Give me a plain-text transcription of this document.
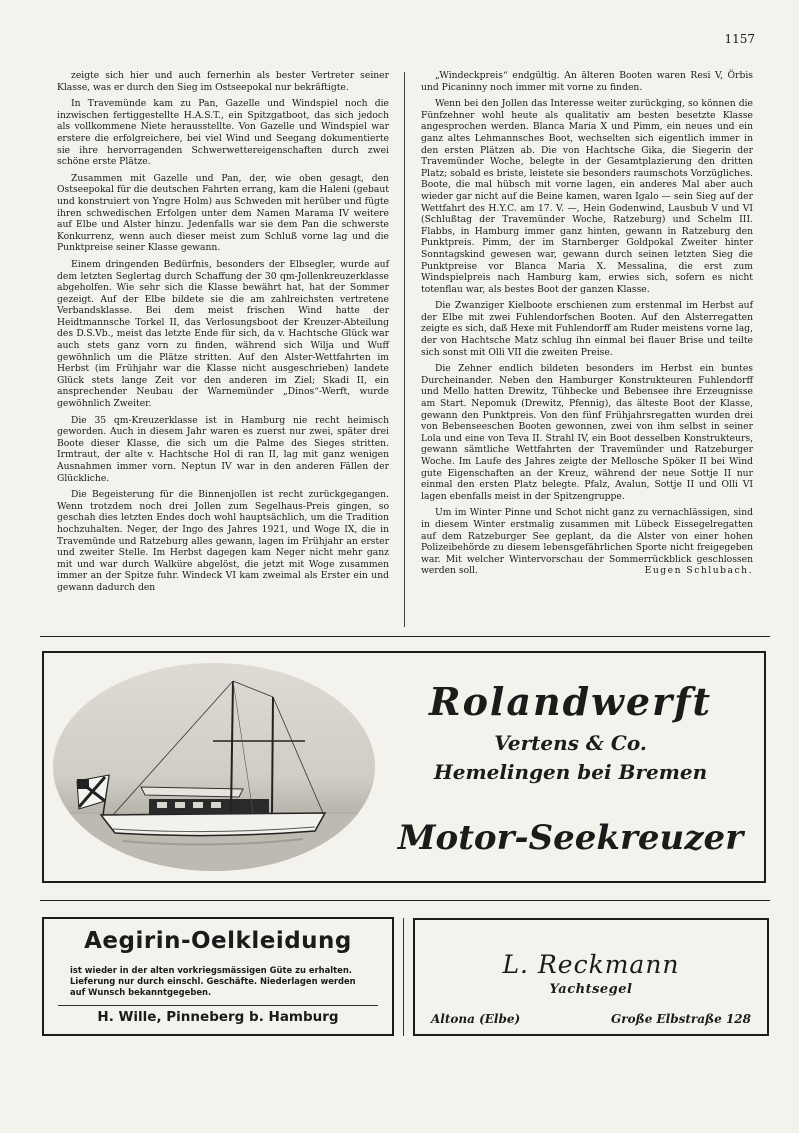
1157

zeigte sich hier und auch fernerhin als bester Vertreter seiner Klasse, was er durch den Sieg im Ostseepokal nur bekräftigte.

In Travemünde kam zu Pan, Gazelle und Windspiel noch die inzwischen fertiggestellte H.A.S.T., ein Spitzgatboot, das sich jedoch als vollkommene Niete herausstellte. Von Gazelle und Windspiel war erstere die erfolgreichere, bei viel Wind und Seegang dokumentierte sie ihre hervorragenden Schwerwettereigenschaften durch zwei schöne erste Plätze.

Zusammen mit Gazelle und Pan, der, wie oben gesagt, den Ostseepokal für die deutschen Fahrten errang, kam die Haleni (gebaut und konstruiert von Yngre Holm) aus Schweden mit herüber und fügte ihren schwedischen Erfolgen unter dem Namen Marama IV weitere auf Elbe und Alster hinzu. Jedenfalls war sie dem Pan die schwerste Konkurrenz, wenn auch dieser meist zum Schluß vorne lag und die Punktpreise seiner Klasse gewann.

Einem dringenden Bedürfnis, besonders der Elbsegler, wurde auf dem letzten Seglertag durch Schaffung der 30 qm-Jollenkreuzerklasse abgeholfen. Wie sehr sich die Klasse bewährt hat, hat der Sommer gezeigt. Auf der Elbe bildete sie die am zahlreichsten vertretene Verbandsklasse. Bei dem meist frischen Wind hatte der Heidtmannsche Torkel II, das Verlosungsboot der Kreuzer-Abteilung des D.S.Vb., meist das letzte Ende für sich, da v. Hachtsche Glück war auch stets ganz vorn zu finden, während sich Wilja und Wuff gewöhnlich um die Plätze stritten. Auf den Alster-Wettfahrten im Herbst (im Frühjahr war die Klasse nicht ausgeschrieben) landete Glück stets lange Zeit vor den anderen im Ziel; Skadi II, ein ansprechender Neubau der Warnemünder „Dinos“-Werft, wurde gewöhnlich Zweiter.

Die 35 qm-Kreuzerklasse ist in Hamburg nie recht heimisch geworden. Auch in diesem Jahr waren es zuerst nur zwei, später drei Boote dieser Klasse, die sich um die Palme des Sieges stritten. Irmtraut, der alte v. Hachtsche Hol di ran II, lag mit ganz wenigen Ausnahmen immer vorn. Neptun IV war in den anderen Fällen der Glückliche.

Die Begeisterung für die Binnenjollen ist recht zurückgegangen. Wenn trotzdem noch drei Jollen zum Segelhaus-Preis gingen, so geschah dies letzten Endes doch wohl hauptsächlich, um die Tradition hochzuhalten. Neger, der Ingo des Jahres 1921, und Woge IX, die in Travemünde und Ratzeburg alles gewann, lagen im Frühjahr an erster und zweiter Stelle. Im Herbst dagegen kam Neger nicht mehr ganz mit und war durch Walküre abgelöst, die jetzt mit Woge zusammen immer an der Spitze fuhr. Windeck VI kam zweimal als Erster ein und gewann dadurch den

„Windeckpreis“ endgültig. An älteren Booten waren Resi V, Örbis und Picaninny noch immer mit vorne zu finden.

Wenn bei den Jollen das Interesse weiter zurückging, so können die Fünfzehner wohl heute als qualitativ am besten besetzte Klasse angesprochen werden. Blanca Maria X und Pimm, ein neues und ein ganz altes Lehmannsches Boot, wechselten sich eigentlich immer in den ersten Plätzen ab. Die von Hachtsche Gika, die Siegerin der Travemünder Woche, belegte in der Gesamtplazierung den dritten Platz; sobald es briste, leistete sie besonders raumschots Vorzügliches. Boote, die mal hübsch mit vorne lagen, ein anderes Mal aber auch wieder gar nicht auf die Beine kamen, waren Igalo — sein Sieg auf der Wettfahrt des H.Y.C. am 17. V. —, Hein Godenwind, Lausbub V und VI (Schlußtag der Travemünder Woche, Ratzeburg) und Schelm III. Flabbs, in Hamburg immer ganz hinten, gewann in Ratzeburg den Punktpreis. Pimm, der im Starnberger Goldpokal Zweiter hinter Sonntagskind gewesen war, gewann durch seinen letzten Sieg die Punktpreise vor Blanca Maria X. Messalina, die erst zum Windspielpreis nach Hamburg kam, erwies sich, sofern es nicht totenflau war, als bestes Boot der ganzen Klasse.

Die Zwanziger Kielboote erschienen zum erstenmal im Herbst auf der Elbe mit zwei Fuhlendorfschen Booten. Auf den Alsterregatten zeigte es sich, daß Hexe mit Fuhlendorff am Ruder meistens vorne lag, der von Hachtsche Matz schlug ihn einmal bei flauer Brise und teilte sich sonst mit Olli VII die zweiten Preise.

Die Zehner endlich bildeten besonders im Herbst ein buntes Durcheinander. Neben den Hamburger Konstrukteuren Fuhlendorff und Mello hatten Drewitz, Tühbecke und Bebensee ihre Erzeugnisse am Start. Nepomuk (Drewitz, Pfennig), das älteste Boot der Klasse, gewann den Punktpreis. Von den fünf Frühjahrsregatten wurden drei von Bebenseeschen Booten gewonnen, zwei von ihm selbst in seiner Lola und eine von Teva II. Strahl IV, ein Boot desselben Konstrukteurs, gewann sämtliche Wettfahrten der Travemünder und Ratzeburger Woche. Im Laufe des Jahres zeigte der Mellosche Spöker II bei Wind gute Eigenschaften an der Kreuz, während der neue Sottje II nur einmal den ersten Platz belegte. Pfalz, Avalun, Sottje II und Olli VI lagen ebenfalls meist in der Spitzengruppe.

Um im Winter Pinne und Schot nicht ganz zu vernachlässigen, sind in diesem Winter erstmalig zusammen mit Lübeck Eissegelregatten auf dem Ratzeburger See geplant, da die Alster von einer hohen Polizeibehörde zu diesem lebensgefährlichen Sporte nicht freigegeben war. Mit welcher Wintervorschau der Sommerrückblick geschlossen werden soll.	Eugen Schlubach.

Rolandwerft
Vertens & Co.
Hemelingen bei Bremen
Motor-Seekreuzer
Aegirin-Oelkleidung
ist wieder in der alten vorkriegsmässigen Güte zu erhalten. Lieferung nur durch einschl. Geschäfte. Niederlagen werden auf Wunsch bekanntgegeben.
H. Wille, Pinneberg b. Hamburg
L. Reckmann
Yachtsegel
Altona (Elbe)	Große Elbstraße 128
